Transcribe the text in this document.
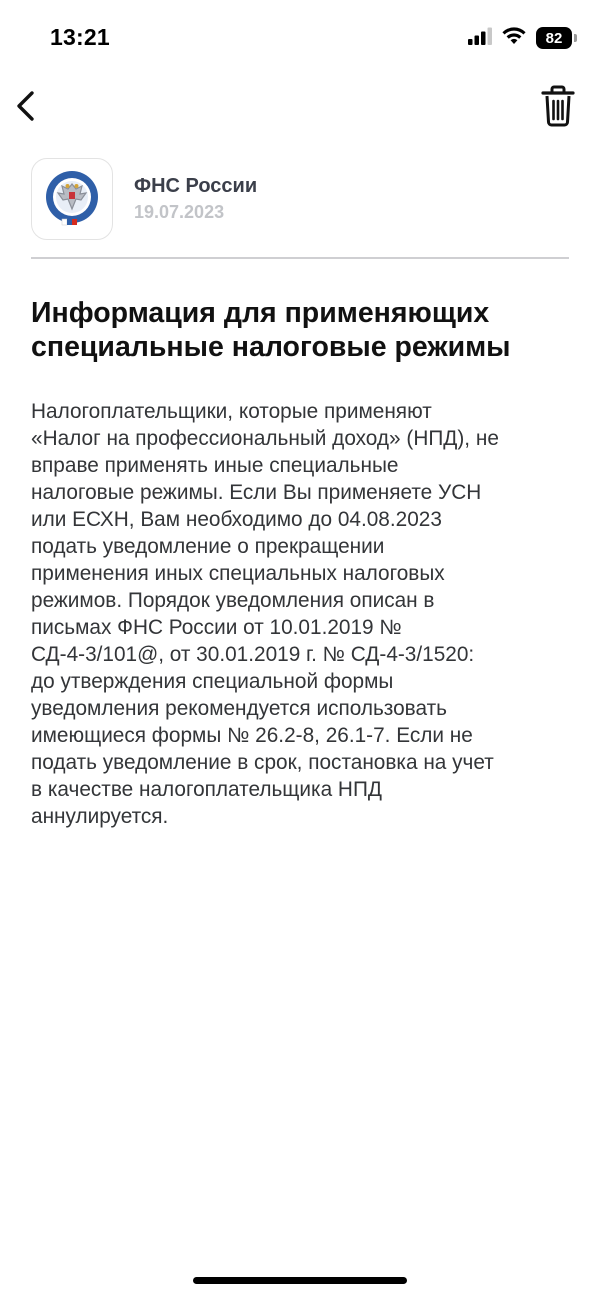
13:21	82
ФНС России
19.07.2023
Информация для применяющих
специальные налоговые режимы
Налогоплательщики, которые применяют
«Налог на профессиональный доход» (НПД), не
вправе применять иные специальные
налоговые режимы. Если Вы применяете УСН
или ЕСХН, Вам необходимо до 04.08.2023
подать уведомление о прекращении
применения иных специальных налоговых
режимов. Порядок уведомления описан в
письмах ФНС России от 10.01.2019 №
СД-4-3/101@, от 30.01.2019 г. № СД-4-3/1520:
до утверждения специальной формы
уведомления рекомендуется использовать
имеющиеся формы № 26.2-8, 26.1-7. Если не
подать уведомление в срок, постановка на учет
в качестве налогоплательщика НПД
аннулируется.
